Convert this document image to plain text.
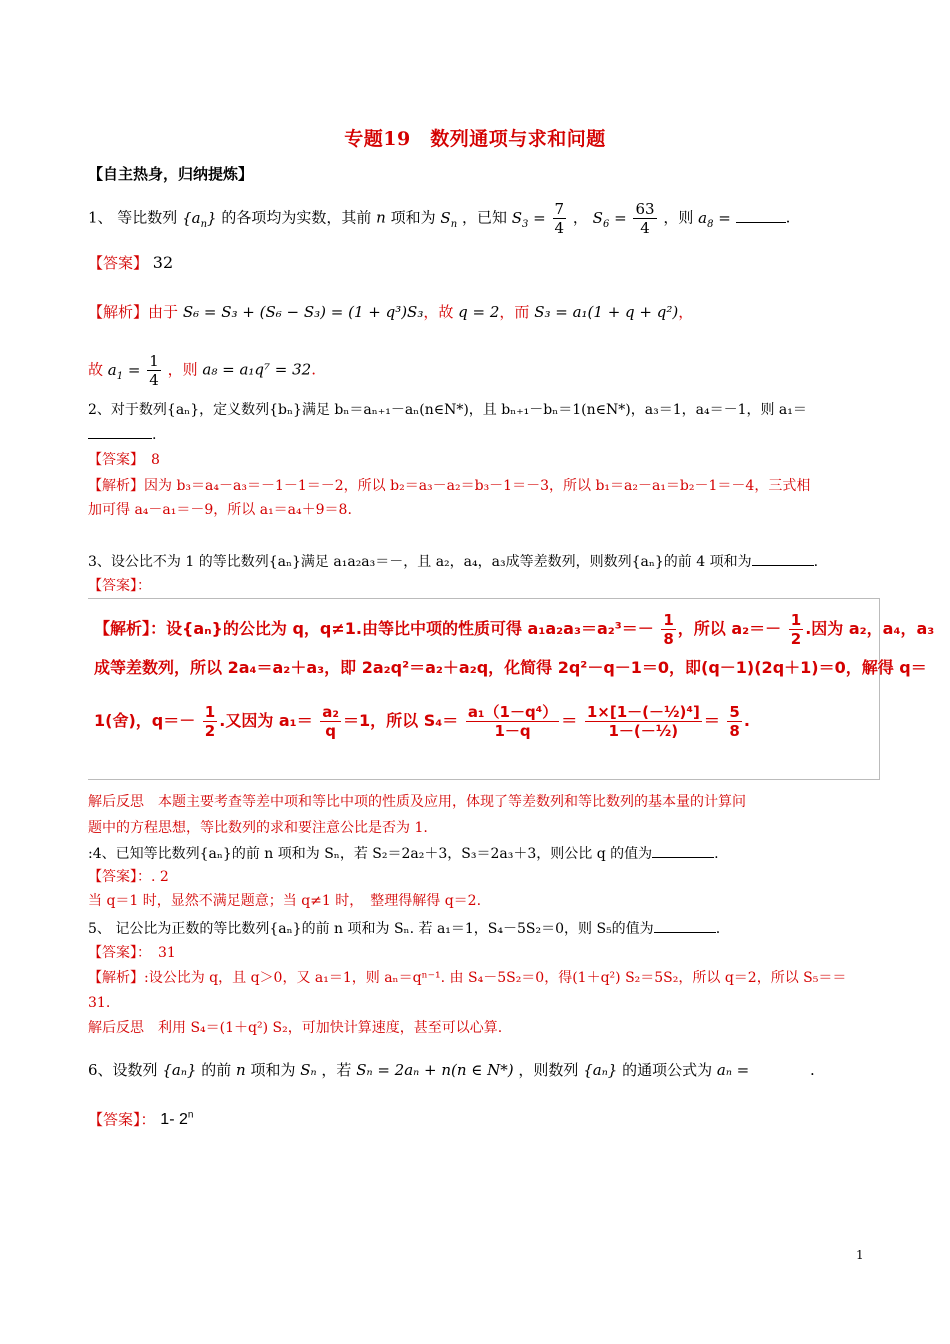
专题19　数列通项与求和问题
【自主热身，归纳提炼】
1、 等比数列 $\{a_n\}$ 的各项均为实数，其前 n 项和为 $S_n$ ，已知 $S_3 = \frac{7}{4}$ ， $S_6 = \frac{63}{4}$ ，则 $a_8$ =	.
【答案】 32
【解析】由于 S₆ = S₃ + (S₆ − S₃) = (1 + q³)S₃，故 q = 2，而 S₃ = a₁(1 + q + q²)，
故 $a_1 = \frac{1}{4}$ ，则 a₈ = a₁q⁷ = 32.
2、对于数列{aₙ}，定义数列{bₙ}满足 bₙ＝aₙ₊₁－aₙ(n∈N*)，且 bₙ₊₁－bₙ＝1(n∈N*)，a₃＝1，a₄＝－1，则 a₁＝
.
【答案】　 8
【解析】因为 b₃＝a₄－a₃＝－1－1＝－2，所以 b₂＝a₃－a₂＝b₃－1＝－3，所以 b₁＝a₂－a₁＝b₂－1＝－4，三式相
加可得 a₄－a₁＝－9，所以 a₁＝a₄＋9＝8.
3、设公比不为 1 的等比数列{aₙ}满足 a₁a₂a₃＝－，且 a₂，a₄，a₃成等差数列，则数列{aₙ}的前 4 项和为	.
【答案】：
【解析】：设{aₙ}的公比为 q，q≠1.由等比中项的性质可得 $a_1a_2a_3=a_2^3=- \frac{1}{8}$ ，所以 $a_2=- \frac{1}{2}$ .因为 a₂，a₄，a₃
成等差数列，所以 2a₄＝a₂＋a₃，即 2a₂q²＝a₂＋a₂q，化简得 2q²－q－1＝0，即(q－1)(2q＋1)＝0，解得 q＝
1(舍)，$q=- \frac{1}{2}$ .又因为 $a_1= \frac{\text{a₂}}{q} =1$，所以 $S_4= \frac{\text{a₁（1－q⁴）}}{1-q} = \frac{\text{1×[1－(－½)⁴]}}{\text{1－(－½)}} = \frac{5}{8}$ .
解后反思　本题主要考查等差中项和等比中项的性质及应用，体现了等差数列和等比数列的基本量的计算问
题中的方程思想，等比数列的求和要注意公比是否为 1.
:4、已知等比数列{aₙ}的前 n 项和为 Sₙ，若 S₂＝2a₂＋3，S₃＝2a₃＋3，则公比 q 的值为	.
【答案】：. 2
当 q＝1 时，显然不满足题意；当 q≠1 时，　整理得解得 q＝2.
5、 记公比为正数的等比数列{aₙ}的前 n 项和为 Sₙ. 若 a₁＝1，S₄－5S₂＝0，则 S₅的值为	.
【答案】：　31
【解析】:设公比为 q，且 q＞0，又 a₁＝1，则 aₙ＝qⁿ⁻¹. 由 S₄－5S₂＝0，得(1＋q²) S₂＝5S₂，所以 q＝2，所以 S₅＝＝
31.
解后反思　利用 S₄＝(1＋q²) S₂，可加快计算速度，甚至可以心算.
6、设数列 {aₙ} 的前 n 项和为 Sₙ ，若 Sₙ = 2aₙ + n(n ∈ N*) ，则数列 {aₙ} 的通项公式为 aₙ =	.
【答案】： 1- 2$^n$
1
